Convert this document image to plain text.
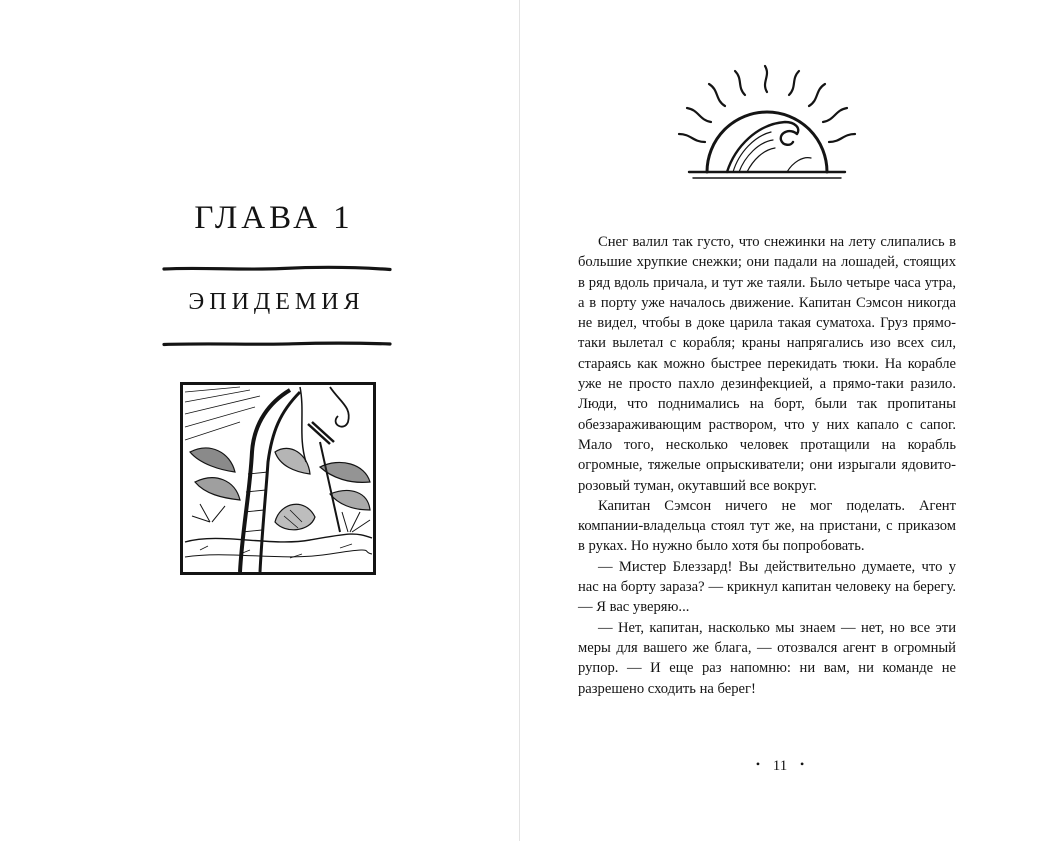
ГЛАВА 1
ЭПИДЕМИЯ

Снег валил так густо, что снежинки на лету слипались в большие хрупкие снежки; они падали на лошадей, стоящих в ряд вдоль причала, и тут же таяли. Было четыре часа утра, а в порту уже началось движение. Капитан Сэмсон никогда не видел, чтобы в доке царила такая суматоха. Груз прямо-таки вылетал с корабля; краны напрягались изо всех сил, стараясь как можно быстрее перекидать тюки. На корабле уже не просто пахло дезинфекцией, а прямо-таки разило. Люди, что поднимались на борт, были так пропитаны обеззараживающим раствором, что у них капало с сапог. Мало того, несколько человек протащили на корабль огромные, тяжелые опрыскиватели; они изрыгали ядовито-розовый туман, окутавший все вокруг.

Капитан Сэмсон ничего не мог поделать. Агент компании-владельца стоял тут же, на пристани, с приказом в руках. Но нужно было хотя бы попробовать.

— Мистер Блеззард! Вы действительно думаете, что у нас на борту зараза? — крикнул капитан человеку на берегу. — Я вас уверяю...

— Нет, капитан, насколько мы знаем — нет, но все эти меры для вашего же блага, — отозвался агент в огромный рупор. — И еще раз напомню: ни вам, ни команде не разрешено сходить на берег!

• 11 •
